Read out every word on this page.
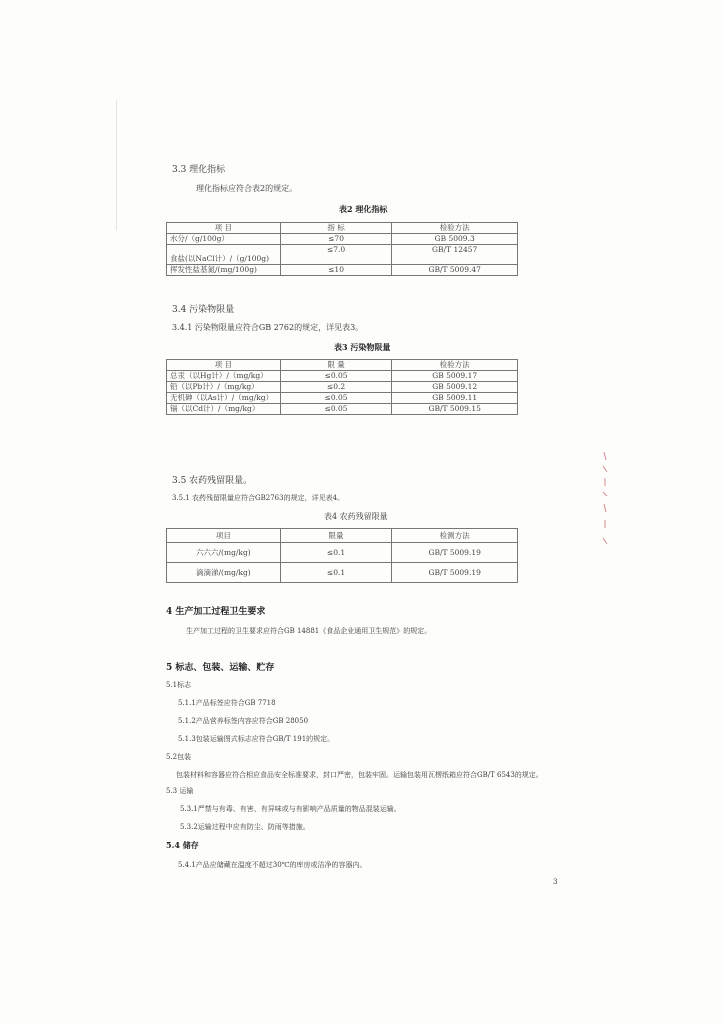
3.3 理化指标
理化指标应符合表2的规定。
表2 理化指标
项 目	指 标	检验方法
水分/（g/100g）	≤70	GB 5009.3
食盐(以NaCl计）/（g/100g)	≤7.0	GB/T 12457
挥发性盐基氮/(mg/100g)	≤10	GB/T 5009.47
3.4 污染物限量
3.4.1 污染物限量应符合GB 2762的规定，详见表3。
表3 污染物限量
项 目	限 量	检验方法
总汞（以Hg计）/（mg/kg）	≤0.05	GB 5009.17
铅（以Pb计）/（mg/kg）	≤0.2	GB 5009.12
无机砷（以As计）/（mg/kg）	≤0.05	GB 5009.11
镉（以Cd计）/（mg/kg）	≤0.05	GB/T 5009.15
3.5 农药残留限量。
3.5.1 农药残留限量应符合GB2763的规定，详见表4。
表4 农药残留限量
项目	限量	检测方法
六六六/(mg/kg)	≤0.1	GB/T 5009.19
滴滴涕/(mg/kg)	≤0.1	GB/T 5009.19
4 生产加工过程卫生要求
生产加工过程的卫生要求应符合GB 14881《食品企业通用卫生规范》的规定。
5 标志、包装、运输、贮存
5.1标志
5.1.1产品标签应符合GB 7718
5.1.2产品营养标签内容应符合GB 28050
5.1.3包装运输图式标志应符合GB/T 191的规定。
5.2包装
包装材料和容器应符合相应食品安全标准要求，封口严密，包装牢固。运输包装用瓦楞纸箱应符合GB/T 6543的规定。
5.3 运输
5.3.1严禁与有毒、有害、有异味或与有影响产品质量的物品混装运输。
5.3.2运输过程中应有防尘、防雨等措施。
5.4 储存
5.4.1产品应储藏在温度不超过30℃的库房或洁净的容器内。
3
